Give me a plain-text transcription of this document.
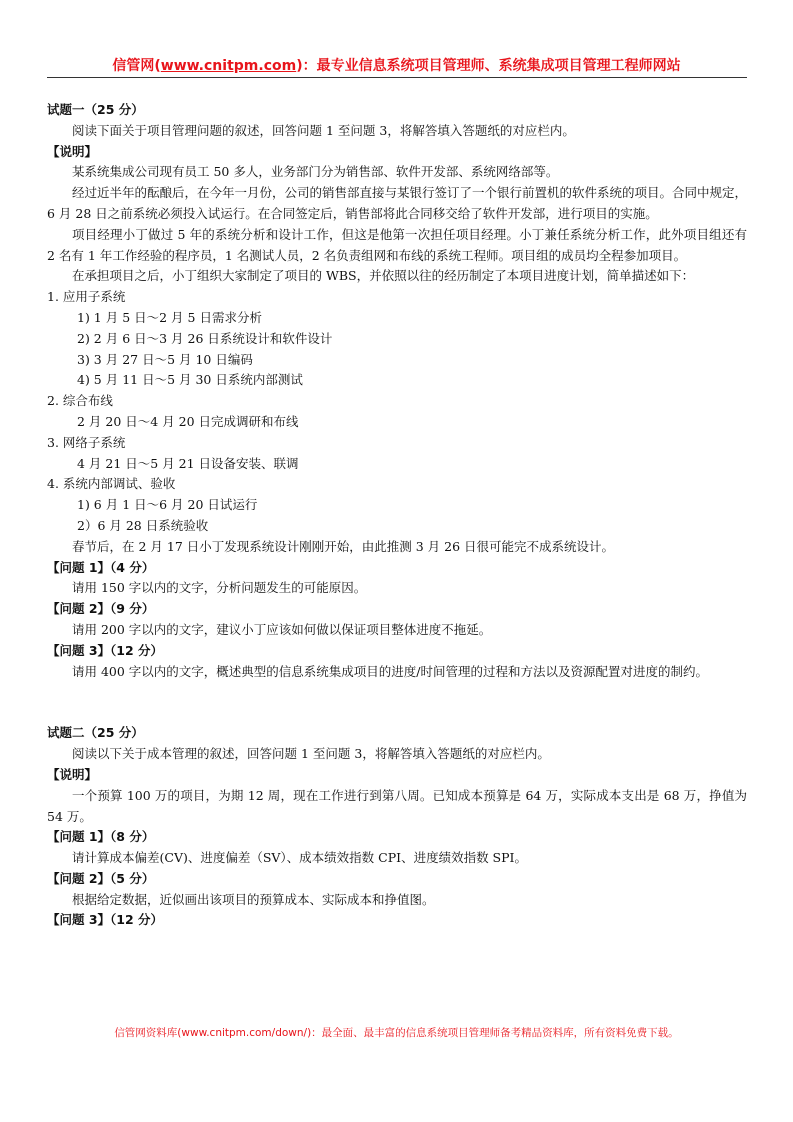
信管网(www.cnitpm.com)：最专业信息系统项目管理师、系统集成项目管理工程师网站

试题一（25 分）

阅读下面关于项目管理问题的叙述，回答问题 1 至问题 3，将解答填入答题纸的对应栏内。

【说明】

某系统集成公司现有员工 50 多人，业务部门分为销售部、软件开发部、系统网络部等。

经过近半年的酝酿后，在今年一月份，公司的销售部直接与某银行签订了一个银行前置机的软件系统的项目。合同中规定，6 月 28 日之前系统必须投入试运行。在合同签定后，销售部将此合同移交给了软件开发部，进行项目的实施。

项目经理小丁做过 5 年的系统分析和设计工作，但这是他第一次担任项目经理。小丁兼任系统分析工作，此外项目组还有 2 名有 1 年工作经验的程序员，1 名测试人员，2 名负责组网和布线的系统工程师。项目组的成员均全程参加项目。

在承担项目之后，小丁组织大家制定了项目的 WBS，并依照以往的经历制定了本项目进度计划，简单描述如下：

1. 应用子系统

1) 1 月 5 日～2 月 5 日需求分析

2) 2 月 6 日～3 月 26 日系统设计和软件设计

3) 3 月 27 日～5 月 10 日编码

4) 5 月 11 日～5 月 30 日系统内部测试

2. 综合布线

2 月 20 日～4 月 20 日完成调研和布线

3. 网络子系统

4 月 21 日～5 月 21 日设备安装、联调

4. 系统内部调试、验收

1) 6 月 1 日～6 月 20 日试运行

2）6 月 28 日系统验收

春节后，在 2 月 17 日小丁发现系统设计刚刚开始，由此推测 3 月 26 日很可能完不成系统设计。

【问题 1】（4 分）

请用 150 字以内的文字，分析问题发生的可能原因。

【问题 2】（9 分）

请用 200 字以内的文字，建议小丁应该如何做以保证项目整体进度不拖延。

【问题 3】（12 分）

请用 400 字以内的文字，概述典型的信息系统集成项目的进度/时间管理的过程和方法以及资源配置对进度的制约。

试题二（25 分）

阅读以下关于成本管理的叙述，回答问题 1 至问题 3，将解答填入答题纸的对应栏内。

【说明】

一个预算 100 万的项目，为期 12 周，现在工作进行到第八周。已知成本预算是 64 万，实际成本支出是 68 万，挣值为 54 万。

【问题 1】（8 分）

请计算成本偏差(CV)、进度偏差（SV）、成本绩效指数 CPI、进度绩效指数 SPI。

【问题 2】（5 分）

根据给定数据，近似画出该项目的预算成本、实际成本和挣值图。

【问题 3】（12 分）

信管网资料库(www.cnitpm.com/down/)：最全面、最丰富的信息系统项目管理师备考精品资料库，所有资料免费下载。
